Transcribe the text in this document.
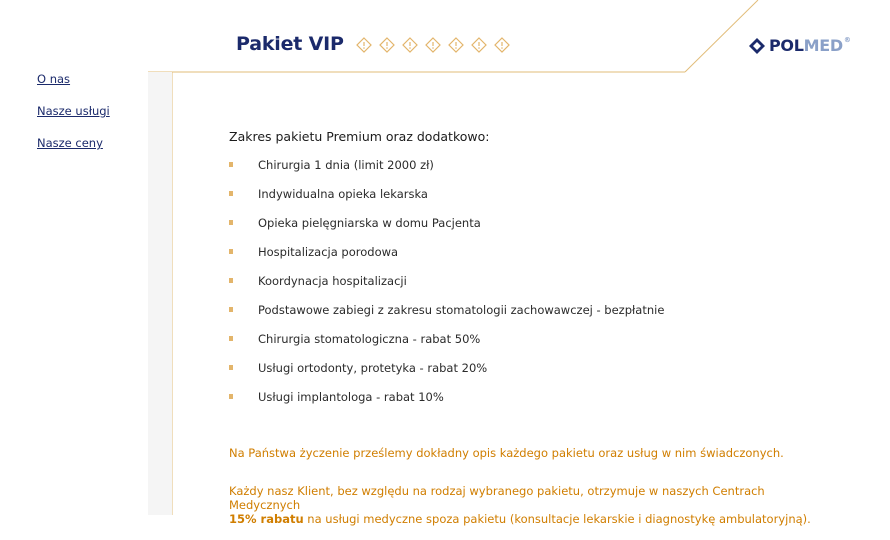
Pakiet VIP	POLMED®
O nas
Nasze usługi
Nasze ceny	Zakres pakietu Premium oraz dodatkowo:
Chirurgia 1 dnia (limit 2000 zł)
Indywidualna opieka lekarska
Opieka pielęgniarska w domu Pacjenta
Hospitalizacja porodowa
Koordynacja hospitalizacji
Podstawowe zabiegi z zakresu stomatologii zachowawczej - bezpłatnie
Chirurgia stomatologiczna - rabat 50%
Usługi ortodonty, protetyka - rabat 20%
Usługi implantologa - rabat 10%
Na Państwa życzenie prześlemy dokładny opis każdego pakietu oraz usług w nim świadczonych.
Każdy nasz Klient, bez względu na rodzaj wybranego pakietu, otrzymuje w naszych Centrach Medycznych
15% rabatu na usługi medyczne spoza pakietu (konsultacje lekarskie i diagnostykę ambulatoryjną).
